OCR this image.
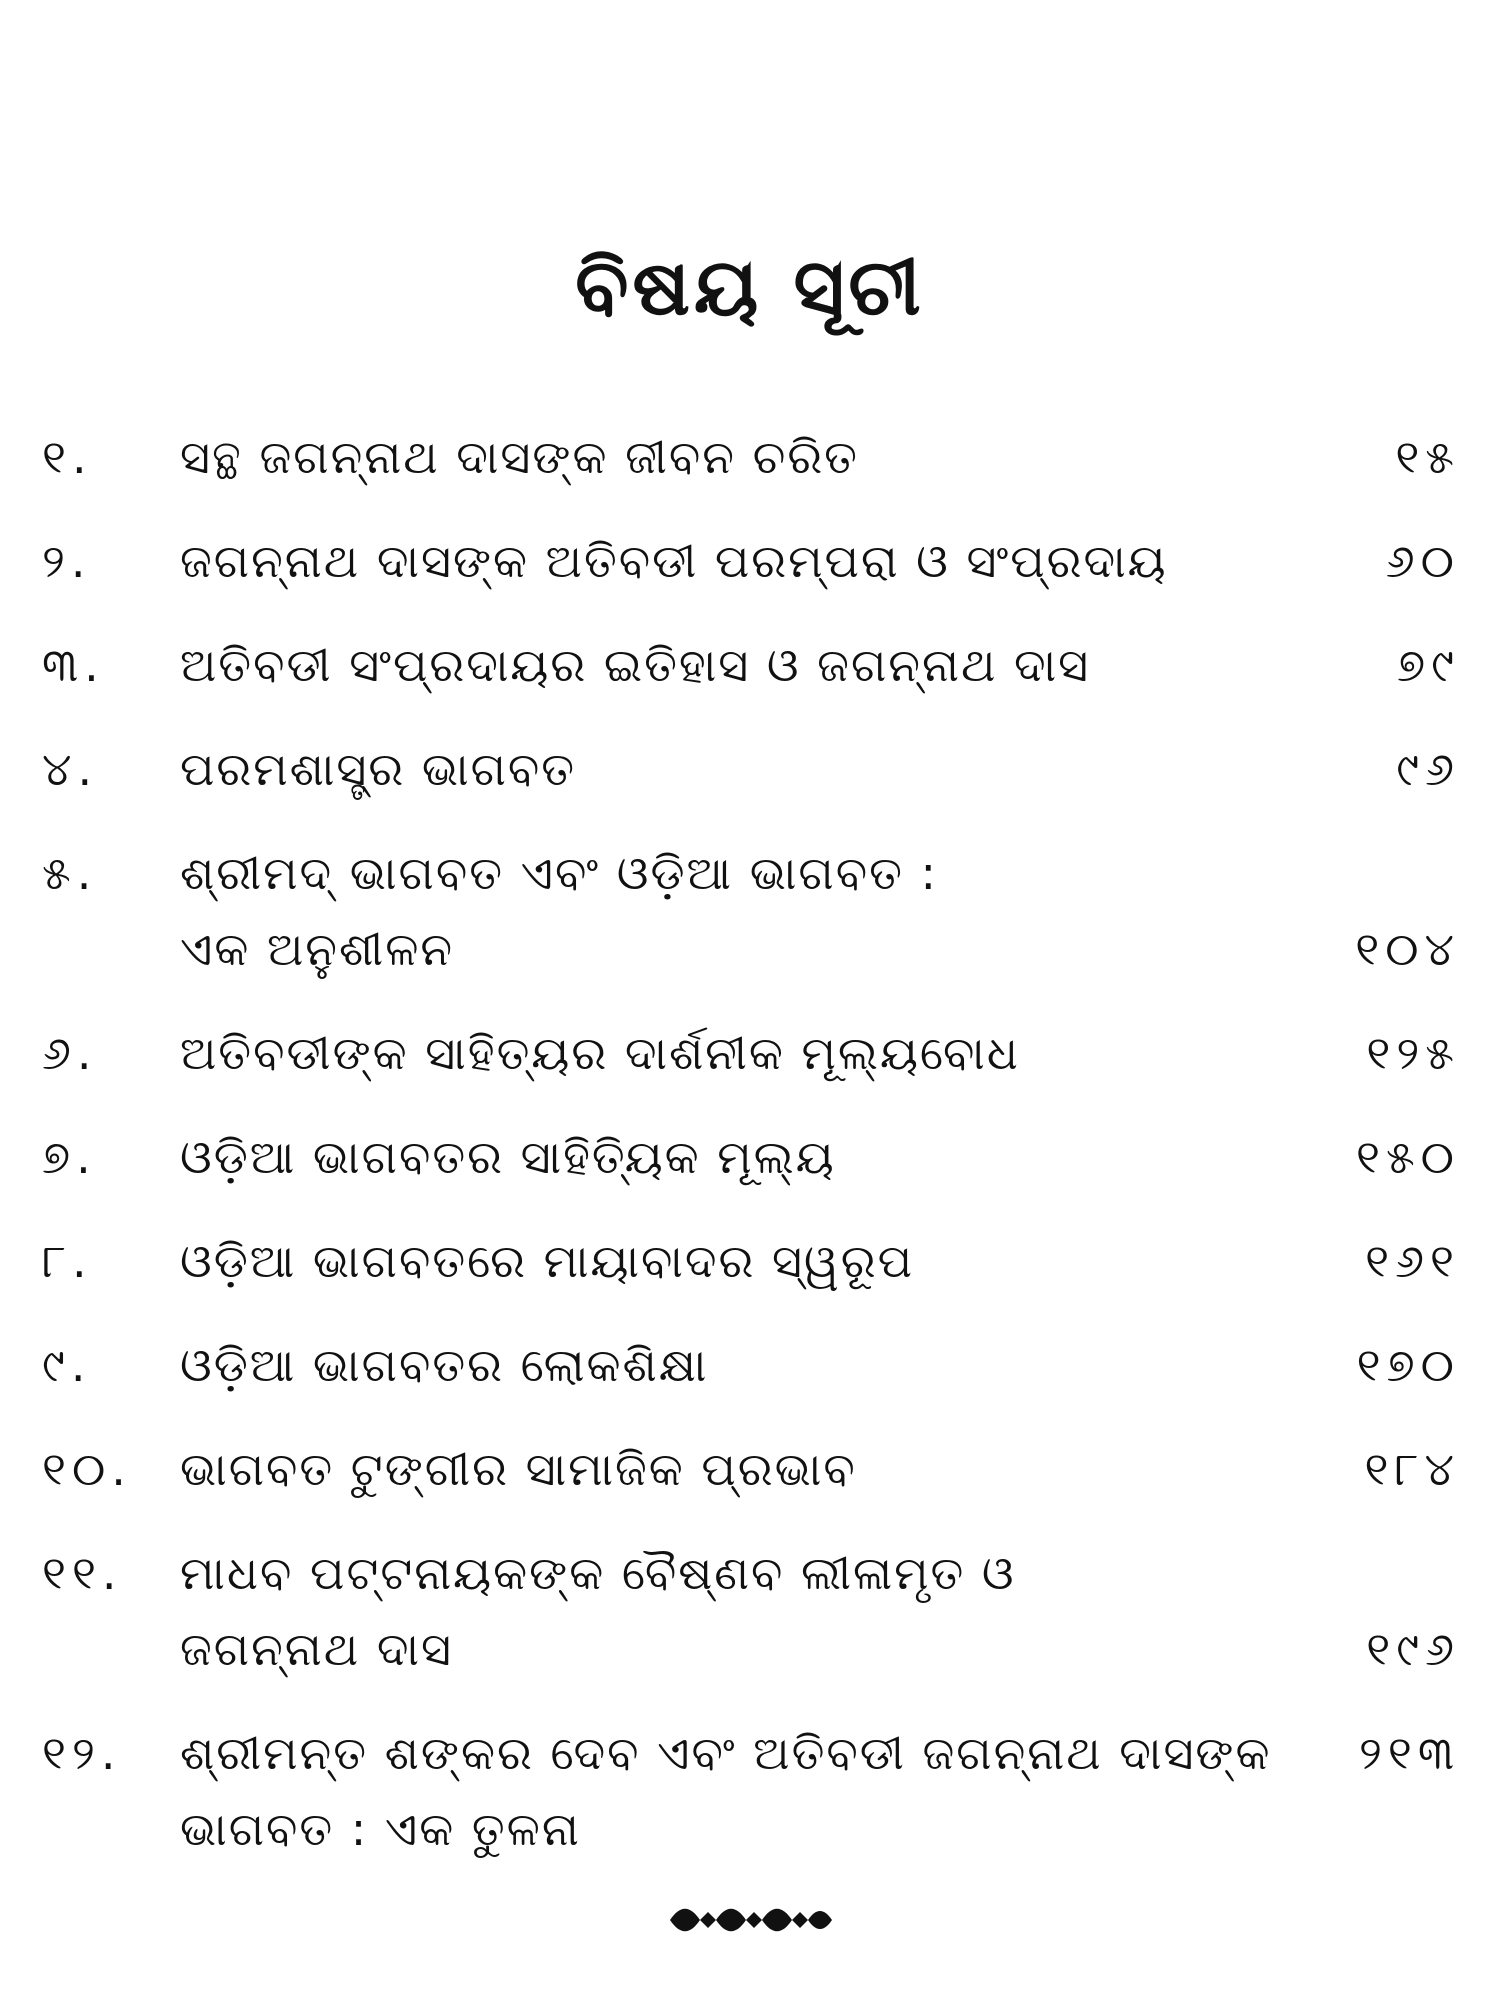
ବିଷୟ ସୂଚୀ
୧.	ସନ୍ଥ ଜଗନ୍ନାଥ ଦାସଙ୍କ ଜୀବନ ଚରିତ	୧୫
୨.	ଜଗନ୍ନାଥ ଦାସଙ୍କ ଅତିବଡୀ ପରମ୍ପରା ଓ ସଂପ୍ରଦାୟ	୬୦
୩.	ଅତିବଡୀ ସଂପ୍ରଦାୟର ଇତିହାସ ଓ ଜଗନ୍ନାଥ ଦାସ	୭୯
୪.	ପରମଶାସ୍ତ୍ର ଭାଗବତ	୯୬
୫.	ଶ୍ରୀମଦ୍ ଭାଗବତ ଏବଂ ଓଡ଼ିଆ ଭାଗବତ :
ଏକ ଅନୁଶୀଳନ	୧୦୪
୬.	ଅତିବଡୀଙ୍କ ସାହିତ୍ୟର ଦାର୍ଶନୀକ ମୂଲ୍ୟବୋଧ	୧୨୫
୭.	ଓଡ଼ିଆ ଭାଗବତର ସାହିତ୍ୟିକ ମୂଲ୍ୟ	୧୫୦
୮.	ଓଡ଼ିଆ ଭାଗବତରେ ମାୟାବାଦର ସ୍ୱରୂପ	୧୬୧
୯.	ଓଡ଼ିଆ ଭାଗବତର ଲୋକଶିକ୍ଷା	୧୭୦
୧୦.	ଭାଗବତ ଟୁଙ୍ଗୀର ସାମାଜିକ ପ୍ରଭାବ	୧୮୪
୧୧.	ମାଧବ ପଟ୍ଟନାୟକଙ୍କ ବୈଷ୍ଣବ ଲୀଳାମୃତ ଓ
ଜଗନ୍ନାଥ ଦାସ	୧୯୬
୧୨.	ଶ୍ରୀମନ୍ତ ଶଙ୍କର ଦେବ ଏବଂ ଅତିବଡୀ ଜଗନ୍ନାଥ ଦାସଙ୍କ ୨୧୩
ଭାଗବତ : ଏକ ତୁଳନା
